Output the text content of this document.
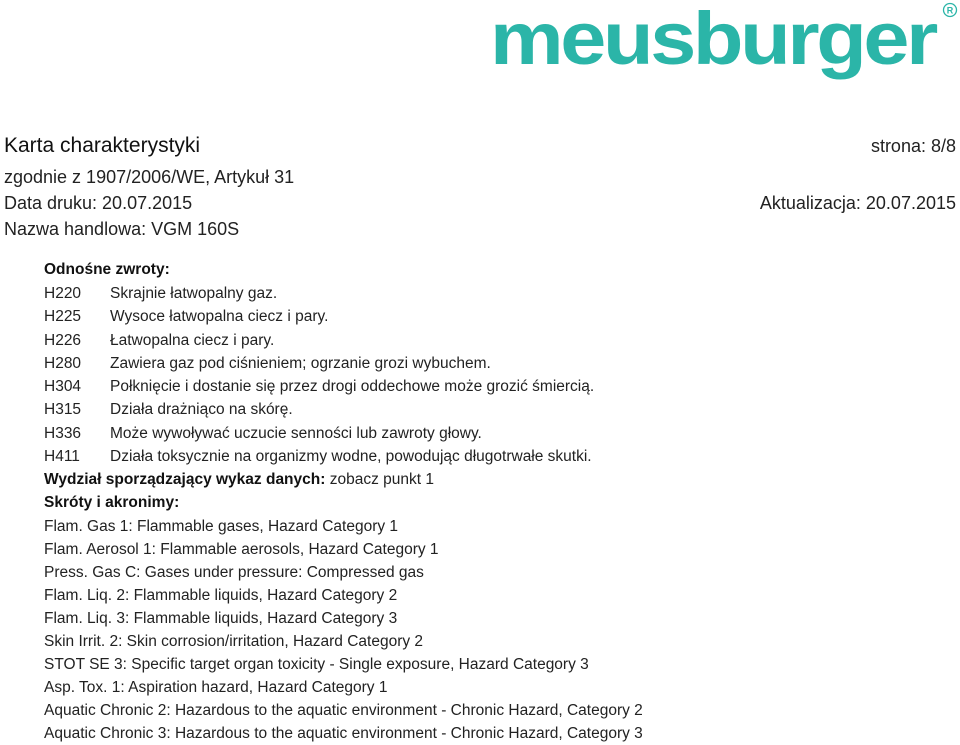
meusburger R
Karta charakterystyki	strona: 8/8
zgodnie z 1907/2006/WE, Artykuł 31
Data druku: 20.07.2015	Aktualizacja: 20.07.2015
Nazwa handlowa: VGM 160S
Odnośne zwroty:
H220	Skrajnie łatwopalny gaz.
H225	Wysoce łatwopalna ciecz i pary.
H226	Łatwopalna ciecz i pary.
H280	Zawiera gaz pod ciśnieniem; ogrzanie grozi wybuchem.
H304	Połknięcie i dostanie się przez drogi oddechowe może grozić śmiercią.
H315	Działa drażniąco na skórę.
H336	Może wywoływać uczucie senności lub zawroty głowy.
H411	Działa toksycznie na organizmy wodne, powodując długotrwałe skutki.
Wydział sporządzający wykaz danych: zobacz punkt 1
Skróty i akronimy:
Flam. Gas 1: Flammable gases, Hazard Category 1
Flam. Aerosol 1: Flammable aerosols, Hazard Category 1
Press. Gas C: Gases under pressure: Compressed gas
Flam. Liq. 2: Flammable liquids, Hazard Category 2
Flam. Liq. 3: Flammable liquids, Hazard Category 3
Skin Irrit. 2: Skin corrosion/irritation, Hazard Category 2
STOT SE 3: Specific target organ toxicity - Single exposure, Hazard Category 3
Asp. Tox. 1: Aspiration hazard, Hazard Category 1
Aquatic Chronic 2: Hazardous to the aquatic environment - Chronic Hazard, Category 2
Aquatic Chronic 3: Hazardous to the aquatic environment - Chronic Hazard, Category 3
